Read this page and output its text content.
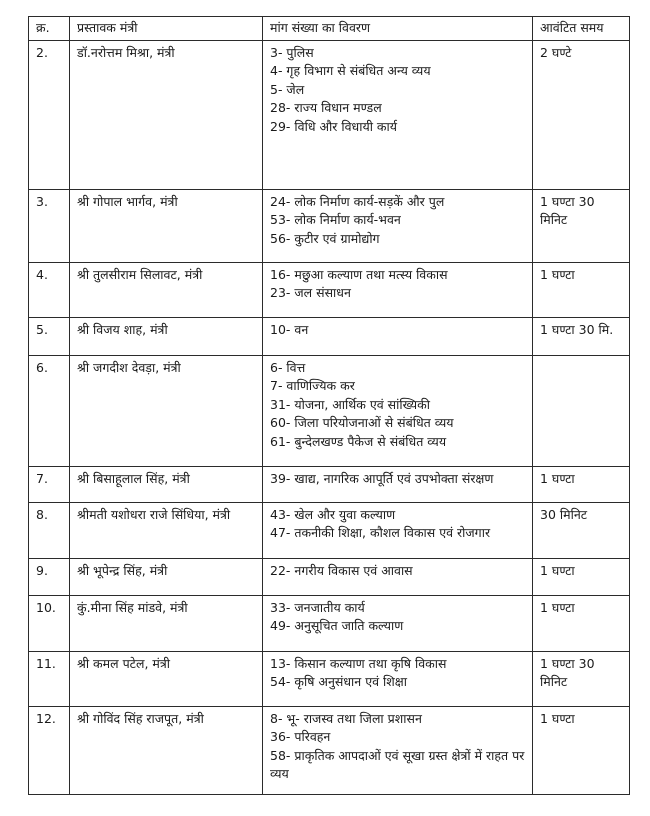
क्र.	प्रस्तावक मंत्री	मांग संख्या का विवरण	आवंटित समय
2.	डॉ.नरोत्तम मिश्रा, मंत्री	3- पुलिस
4- गृह विभाग से संबंधित अन्य व्यय
5- जेल
28- राज्य विधान मण्डल
29- विधि और विधायी कार्य	2 घण्टे

3.	श्री गोपाल भार्गव, मंत्री	24- लोक निर्माण कार्य-सड़कें और पुल
53- लोक निर्माण कार्य-भवन
56- कुटीर एवं ग्रामोद्योग	1 घण्टा 30 मिनिट

4.	श्री तुलसीराम सिलावट, मंत्री	16- मछुआ कल्याण तथा मत्स्य विकास
23- जल संसाधन	1 घण्टा

5.	श्री विजय शाह, मंत्री	10- वन	1 घण्टा 30 मि.

6.	श्री जगदीश देवड़ा, मंत्री	6- वित्त
7- वाणिज्यिक कर
31- योजना, आर्थिक एवं सांख्यिकी
60- जिला परियोजनाओं से संबंधित व्यय
61- बुन्देलखण्ड पैकेज से संबंधित व्यय	

7.	श्री बिसाहूलाल सिंह, मंत्री	39- खाद्य, नागरिक आपूर्ति एवं उपभोक्ता संरक्षण	1 घण्टा

8.	श्रीमती यशोधरा राजे सिंधिया, मंत्री	43- खेल और युवा कल्याण
47- तकनीकी शिक्षा, कौशल विकास एवं रोजगार	30 मिनिट

9.	श्री भूपेन्द्र सिंह, मंत्री	22- नगरीय विकास एवं आवास	1 घण्टा

10.	कुं.मीना सिंह मांडवे, मंत्री	33- जनजातीय कार्य
49- अनुसूचित जाति कल्याण	1 घण्टा

11.	श्री कमल पटेल, मंत्री	13- किसान कल्याण तथा कृषि विकास
54- कृषि अनुसंधान एवं शिक्षा	1 घण्टा 30 मिनिट

12.	श्री गोविंद सिंह राजपूत, मंत्री	8- भू- राजस्व तथा जिला प्रशासन
36- परिवहन
58- प्राकृतिक आपदाओं एवं सूखा ग्रस्त क्षेत्रों में राहत पर व्यय	1 घण्टा
